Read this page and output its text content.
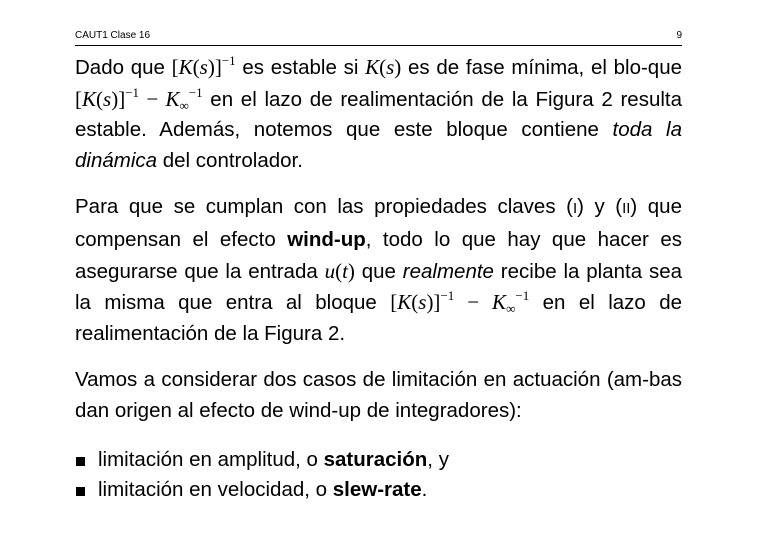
CAUT1 Clase 16	9

Dado que $[K(s)]^{-1}$ es estable si K(s) es de fase mínima, el blo-que $[K(s)]^{-1} - K_\infty^{-1}$ en el lazo de realimentación de la Figura 2 resulta estable. Además, notemos que este bloque contiene toda la dinámica del controlador.

Para que se cumplan con las propiedades claves (I) y (II) que compensan el efecto wind-up, todo lo que hay que hacer es asegurarse que la entrada u(t) que realmente recibe la planta sea la misma que entra al bloque $[K(s)]^{-1} - K_\infty^{-1}$ en el lazo de realimentación de la Figura 2.

Vamos a considerar dos casos de limitación en actuación (am-bas dan origen al efecto de wind-up de integradores):

limitación en amplitud, o saturación, y
limitación en velocidad, o slew-rate.
